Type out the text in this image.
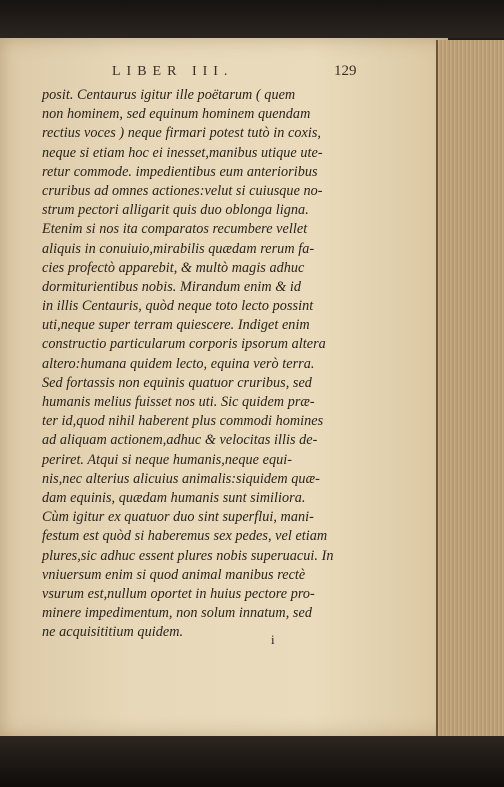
LIBER III.	129
posit. Centaurus igitur ille poëtarum ( quem
non hominem, sed equinum hominem quendam
rectius voces ) neque firmari potest tutò in coxis,
neque si etiam hoc ei inesset,manibus utique ute-
retur commode. impedientibus eum anterioribus
cruribus ad omnes actiones:velut si cuiusque no-
strum pectori alligarit quis duo oblonga ligna.
Etenim si nos ita comparatos recumbere vellet
aliquis in conuiuio,mirabilis quædam rerum fa-
cies profectò apparebit, & multò magis adhuc
dormiturientibus nobis. Mirandum enim & id
in illis Centauris, quòd neque toto lecto possint
uti,neque super terram quiescere. Indiget enim
constructio particularum corporis ipsorum altera
altero:humana quidem lecto, equina verò terra.
Sed fortassis non equinis quatuor cruribus, sed
humanis melius fuisset nos uti. Sic quidem præ-
ter id,quod nihil haberent plus commodi homines
ad aliquam actionem,adhuc & velocitas illis de-
periret. Atqui si neque humanis,neque equi-
nis,nec alterius alicuius animalis:siquidem quæ-
dam equinis, quædam humanis sunt similiora.
Cùm igitur ex quatuor duo sint superflui, mani-
festum est quòd si haberemus sex pedes, vel etiam
plures,sic adhuc essent plures nobis superuacui. In
vniuersum enim si quod animal manibus rectè
vsurum est,nullum oportet in huius pectore pro-
minere impedimentum, non solum innatum, sed
ne acquisititium quidem.	i
